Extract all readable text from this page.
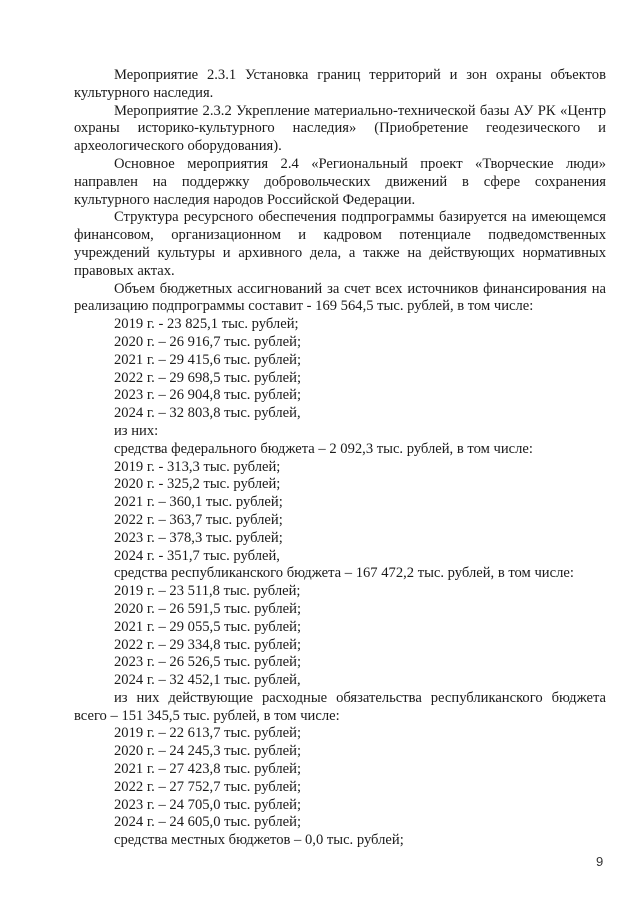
Мероприятие 2.3.1 Установка границ территорий и зон охраны объектов культурного наследия.

Мероприятие 2.3.2 Укрепление материально-технической базы АУ РК «Центр охраны историко-культурного наследия» (Приобретение геодезического и археологического оборудования).

Основное мероприятия 2.4 «Региональный проект «Творческие люди» направлен на поддержку добровольческих движений в сфере сохранения культурного наследия народов Российской Федерации.

Структура ресурсного обеспечения подпрограммы базируется на имеющемся финансовом, организационном и кадровом потенциале подведомственных учреждений культуры и архивного дела, а также на действующих нормативных правовых актах.

Объем бюджетных ассигнований за счет всех источников финансирования на реализацию подпрограммы составит - 169 564,5 тыс. рублей, в том числе:

2019 г. - 23 825,1 тыс. рублей;
2020 г. – 26 916,7 тыс. рублей;
2021 г. – 29 415,6 тыс. рублей;
2022 г. – 29 698,5 тыс. рублей;
2023 г. – 26 904,8 тыс. рублей;
2024 г. – 32 803,8 тыс. рублей,
из них:
средства федерального бюджета – 2 092,3 тыс. рублей, в том числе:
2019 г. - 313,3 тыс. рублей;
2020 г. - 325,2 тыс. рублей;
2021 г. – 360,1 тыс. рублей;
2022 г. – 363,7 тыс. рублей;
2023 г. – 378,3 тыс. рублей;
2024 г. - 351,7 тыс. рублей,
средства республиканского бюджета – 167 472,2 тыс. рублей, в том числе:
2019 г. – 23 511,8 тыс. рублей;
2020 г. – 26 591,5 тыс. рублей;
2021 г. – 29 055,5 тыс. рублей;
2022 г. – 29 334,8 тыс. рублей;
2023 г. – 26 526,5 тыс. рублей;
2024 г. – 32 452,1 тыс. рублей,

из них действующие расходные обязательства республиканского бюджета всего – 151 345,5 тыс. рублей, в том числе:

2019 г. – 22 613,7 тыс. рублей;
2020 г. – 24 245,3 тыс. рублей;
2021 г. – 27 423,8 тыс. рублей;
2022 г. – 27 752,7 тыс. рублей;
2023 г. – 24 705,0 тыс. рублей;
2024 г. – 24 605,0 тыс. рублей;
средства местных бюджетов – 0,0 тыс. рублей;
9
